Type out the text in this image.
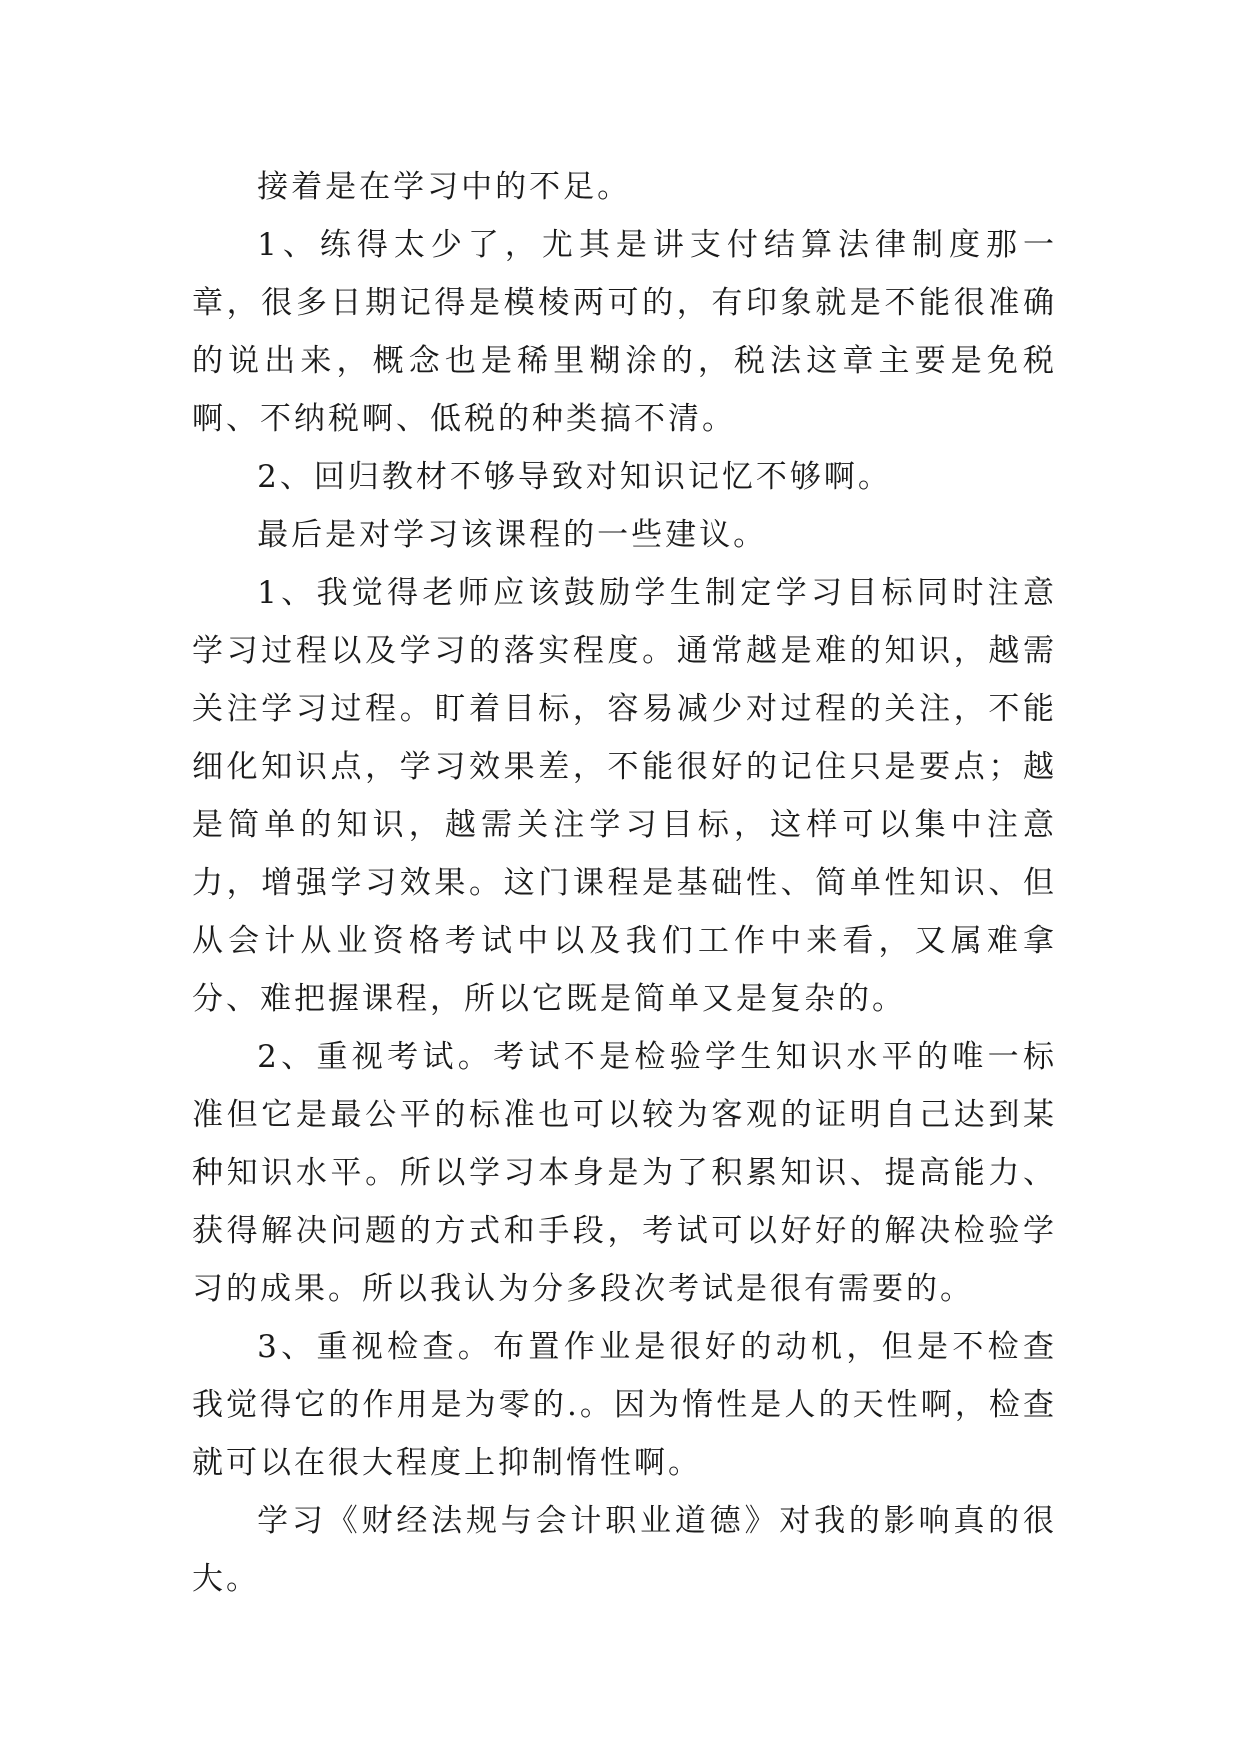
接着是在学习中的不足。

1、练得太少了，尤其是讲支付结算法律制度那一章，很多日期记得是模棱两可的，有印象就是不能很准确的说出来，概念也是稀里糊涂的，税法这章主要是免税啊、不纳税啊、低税的种类搞不清。

2、回归教材不够导致对知识记忆不够啊。

最后是对学习该课程的一些建议。

1、我觉得老师应该鼓励学生制定学习目标同时注意学习过程以及学习的落实程度。通常越是难的知识，越需关注学习过程。盯着目标，容易减少对过程的关注，不能细化知识点，学习效果差，不能很好的记住只是要点；越是简单的知识，越需关注学习目标，这样可以集中注意力，增强学习效果。这门课程是基础性、简单性知识、但从会计从业资格考试中以及我们工作中来看，又属难拿分、难把握课程，所以它既是简单又是复杂的。

2、重视考试。考试不是检验学生知识水平的唯一标准但它是最公平的标准也可以较为客观的证明自己达到某种知识水平。所以学习本身是为了积累知识、提高能力、获得解决问题的方式和手段，考试可以好好的解决检验学习的成果。所以我认为分多段次考试是很有需要的。

3、重视检查。布置作业是很好的动机，但是不检查我觉得它的作用是为零的.。因为惰性是人的天性啊，检查就可以在很大程度上抑制惰性啊。

学习《财经法规与会计职业道德》对我的影响真的很大。
